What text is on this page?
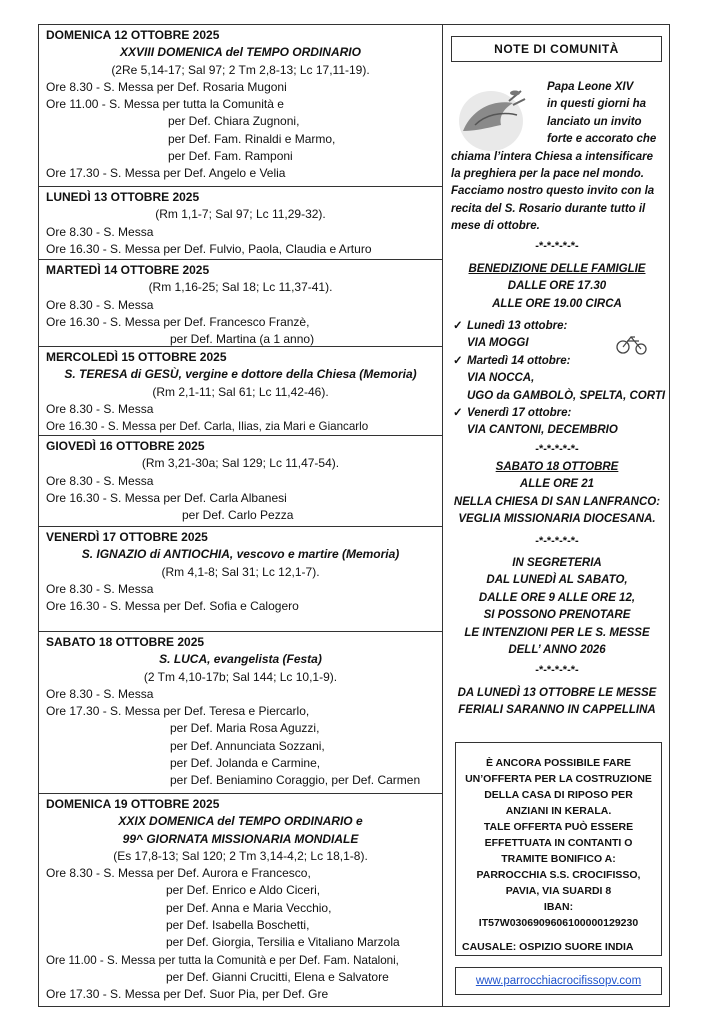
DOMENICA 12 OTTOBRE 2025
XXVIII DOMENICA del TEMPO ORDINARIO
(2Re 5,14-17; Sal 97; 2 Tm 2,8-13; Lc 17,11-19).
Ore 8.30 - S. Messa per Def. Rosaria Mugoni
Ore 11.00 - S. Messa per tutta la Comunità e
per Def. Chiara Zugnoni,
per Def. Fam. Rinaldi e Marmo,
per Def. Fam. Ramponi
Ore 17.30 - S. Messa per Def. Angelo e Velia
LUNEDÌ 13 OTTOBRE 2025
(Rm 1,1-7; Sal 97; Lc 11,29-32).
Ore 8.30 - S. Messa
Ore 16.30 - S. Messa per Def. Fulvio, Paola, Claudia e Arturo
MARTEDÌ 14 OTTOBRE 2025
(Rm 1,16-25; Sal 18; Lc 11,37-41).
Ore 8.30 - S. Messa
Ore 16.30 - S. Messa per Def. Francesco Franzè,
per Def. Martina (a 1 anno)
MERCOLEDÌ 15 OTTOBRE 2025
S. TERESA di GESÙ, vergine e dottore della Chiesa (Memoria)
(Rm 2,1-11; Sal 61; Lc 11,42-46).
Ore 8.30 - S. Messa
Ore 16.30 - S. Messa per Def. Carla, Ilias, zia Mari e Giancarlo
GIOVEDÌ 16 OTTOBRE 2025
(Rm 3,21-30a; Sal 129; Lc 11,47-54).
Ore 8.30 - S. Messa
Ore 16.30 - S. Messa per Def. Carla Albanesi
per Def. Carlo Pezza
VENERDÌ 17 OTTOBRE 2025
S. IGNAZIO di ANTIOCHIA, vescovo e martire (Memoria)
(Rm 4,1-8; Sal 31; Lc 12,1-7).
Ore 8.30 - S. Messa
Ore 16.30 - S. Messa per Def. Sofia e Calogero
SABATO 18 OTTOBRE 2025
S. LUCA, evangelista (Festa)
(2 Tm 4,10-17b; Sal 144; Lc 10,1-9).
Ore 8.30 - S. Messa
Ore 17.30 - S. Messa per Def. Teresa e Piercarlo,
per Def. Maria Rosa Aguzzi,
per Def. Annunciata Sozzani,
per Def. Jolanda e Carmine,
per Def. Beniamino Coraggio, per Def. Carmen
DOMENICA 19 OTTOBRE 2025
XXIX DOMENICA del TEMPO ORDINARIO e
99^ GIORNATA MISSIONARIA MONDIALE
(Es 17,8-13; Sal 120; 2 Tm 3,14-4,2; Lc 18,1-8).
Ore 8.30 - S. Messa per Def. Aurora e Francesco,
per Def. Enrico e Aldo Ciceri,
per Def. Anna e Maria Vecchio,
per Def. Isabella Boschetti,
per Def. Giorgia, Tersilia e Vitaliano Marzola
Ore 11.00 - S. Messa per tutta la Comunità e per Def. Fam. Nataloni,
per Def. Gianni Crucitti, Elena e Salvatore
Ore 17.30 - S. Messa per Def. Suor Pia, per Def. Gre
NOTE DI COMUNITÀ
Papa Leone XIV
in questi giorni ha
lanciato un invito
forte e accorato che
chiama l’intera Chiesa a intensificare
la preghiera per la pace nel mondo.
Facciamo nostro questo invito con la
recita del S. Rosario durante tutto il
mese di ottobre.
-*-*-*-*-*-
BENEDIZIONE DELLE FAMIGLIE
DALLE ORE 17.30
ALLE ORE 19.00 CIRCA
✓ Lunedì 13 ottobre:
VIA MOGGI
✓ Martedì 14 ottobre:
VIA NOCCA,
UGO da GAMBOLÒ, SPELTA, CORTI
✓ Venerdì 17 ottobre:
VIA CANTONI, DECEMBRIO
-*-*-*-*-*-
SABATO 18 OTTOBRE
ALLE ORE 21
NELLA CHIESA DI SAN LANFRANCO:
VEGLIA MISSIONARIA DIOCESANA.
-*-*-*-*-*-
IN SEGRETERIA
DAL LUNEDÌ AL SABATO,
DALLE ORE 9 ALLE ORE 12,
SI POSSONO PRENOTARE
LE INTENZIONI PER LE S. MESSE
DELL’ ANNO 2026
-*-*-*-*-*-
DA LUNEDÌ 13 OTTOBRE LE MESSE
FERIALI SARANNO IN CAPPELLINA
È ANCORA POSSIBILE FARE
UN’OFFERTA PER LA COSTRUZIONE
DELLA CASA DI RIPOSO PER
ANZIANI IN KERALA.
TALE OFFERTA PUÒ ESSERE
EFFETTUATA IN CONTANTI O
TRAMITE BONIFICO A:
PARROCCHIA S.S. CROCIFISSO,
PAVIA, VIA SUARDI 8
IBAN:
IT57W0306909606100000129230
CAUSALE: OSPIZIO SUORE INDIA
www.parrocchiacrocifissopv.com
